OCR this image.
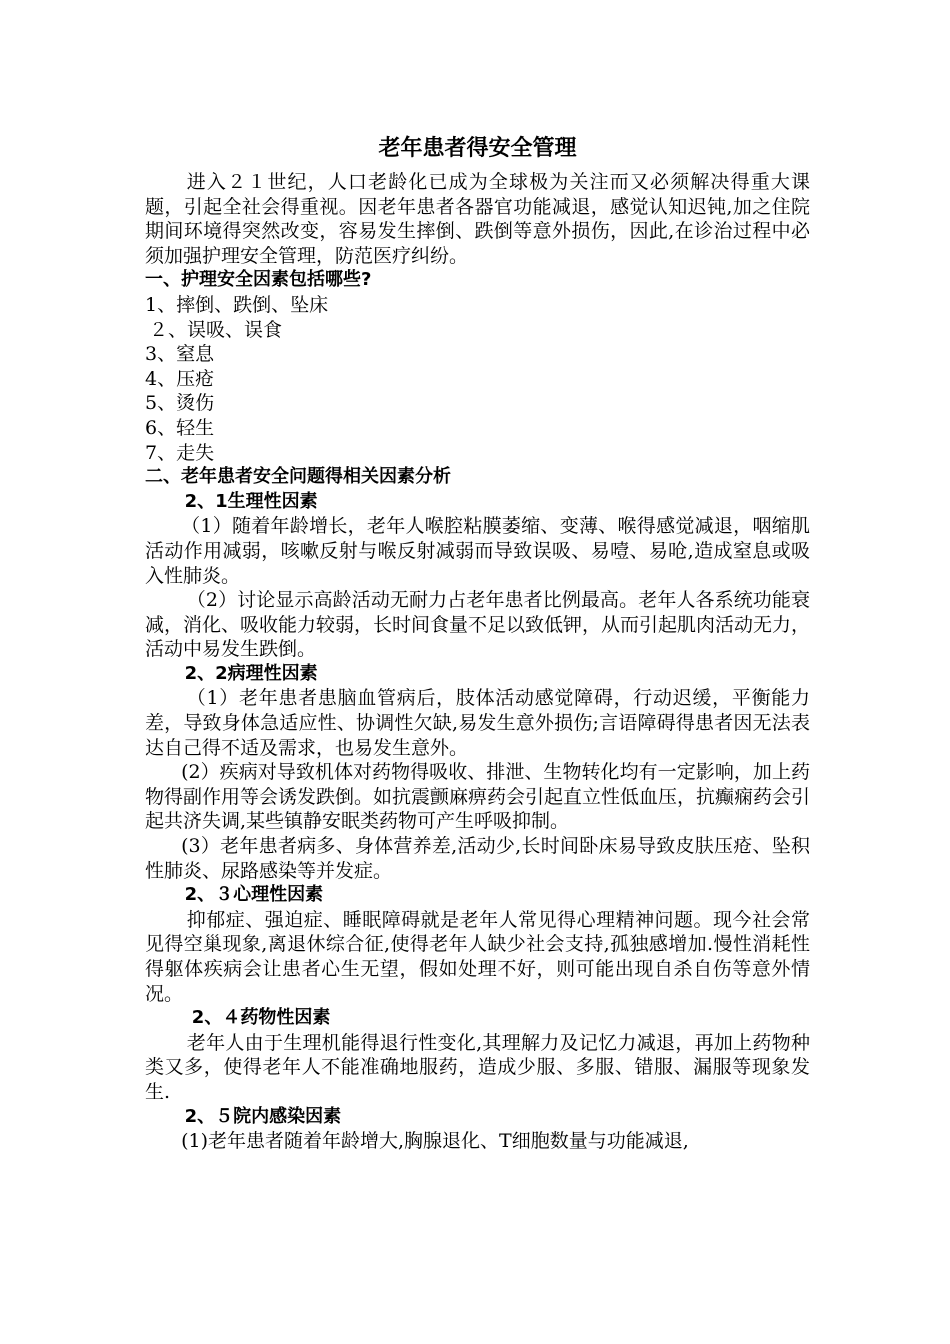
老年患者得安全管理

进入２１世纪，人口老龄化已成为全球极为关注而又必须解决得重大课题，引起全社会得重视。因老年患者各器官功能减退，感觉认知迟钝,加之住院期间环境得突然改变，容易发生摔倒、跌倒等意外损伤，因此,在诊治过程中必须加强护理安全管理，防范医疗纠纷。

一、护理安全因素包括哪些?

1、摔倒、跌倒、坠床

２、误吸、误食

3、窒息

4、压疮

5、烫伤

6、轻生

7、走失

二、老年患者安全问题得相关因素分析

2、1生理性因素

（1）随着年龄增长，老年人喉腔粘膜萎缩、变薄、喉得感觉减退，咽缩肌活动作用减弱，咳嗽反射与喉反射减弱而导致误吸、易噎、易呛,造成窒息或吸入性肺炎。

（2）讨论显示高龄活动无耐力占老年患者比例最高。老年人各系统功能衰减，消化、吸收能力较弱，长时间食量不足以致低钾，从而引起肌肉活动无力，活动中易发生跌倒。

2、2病理性因素

（1）老年患者患脑血管病后，肢体活动感觉障碍，行动迟缓，平衡能力差，导致身体急适应性、协调性欠缺,易发生意外损伤;言语障碍得患者因无法表达自己得不适及需求，也易发生意外。

(2）疾病对导致机体对药物得吸收、排泄、生物转化均有一定影响，加上药物得副作用等会诱发跌倒。如抗震颤麻痹药会引起直立性低血压，抗癫痫药会引起共济失调,某些镇静安眠类药物可产生呼吸抑制。

(3）老年患者病多、身体营养差,活动少,长时间卧床易导致皮肤压疮、坠积性肺炎、尿路感染等并发症。

2、３心理性因素

抑郁症、强迫症、睡眠障碍就是老年人常见得心理精神问题。现今社会常见得空巢现象,离退休综合征,使得老年人缺少社会支持,孤独感增加.慢性消耗性得躯体疾病会让患者心生无望，假如处理不好，则可能出现自杀自伤等意外情况。

2、４药物性因素

老年人由于生理机能得退行性变化,其理解力及记忆力减退，再加上药物种类又多，使得老年人不能准确地服药，造成少服、多服、错服、漏服等现象发生.

2、５院内感染因素

(1)老年患者随着年龄增大,胸腺退化、T细胞数量与功能减退,
